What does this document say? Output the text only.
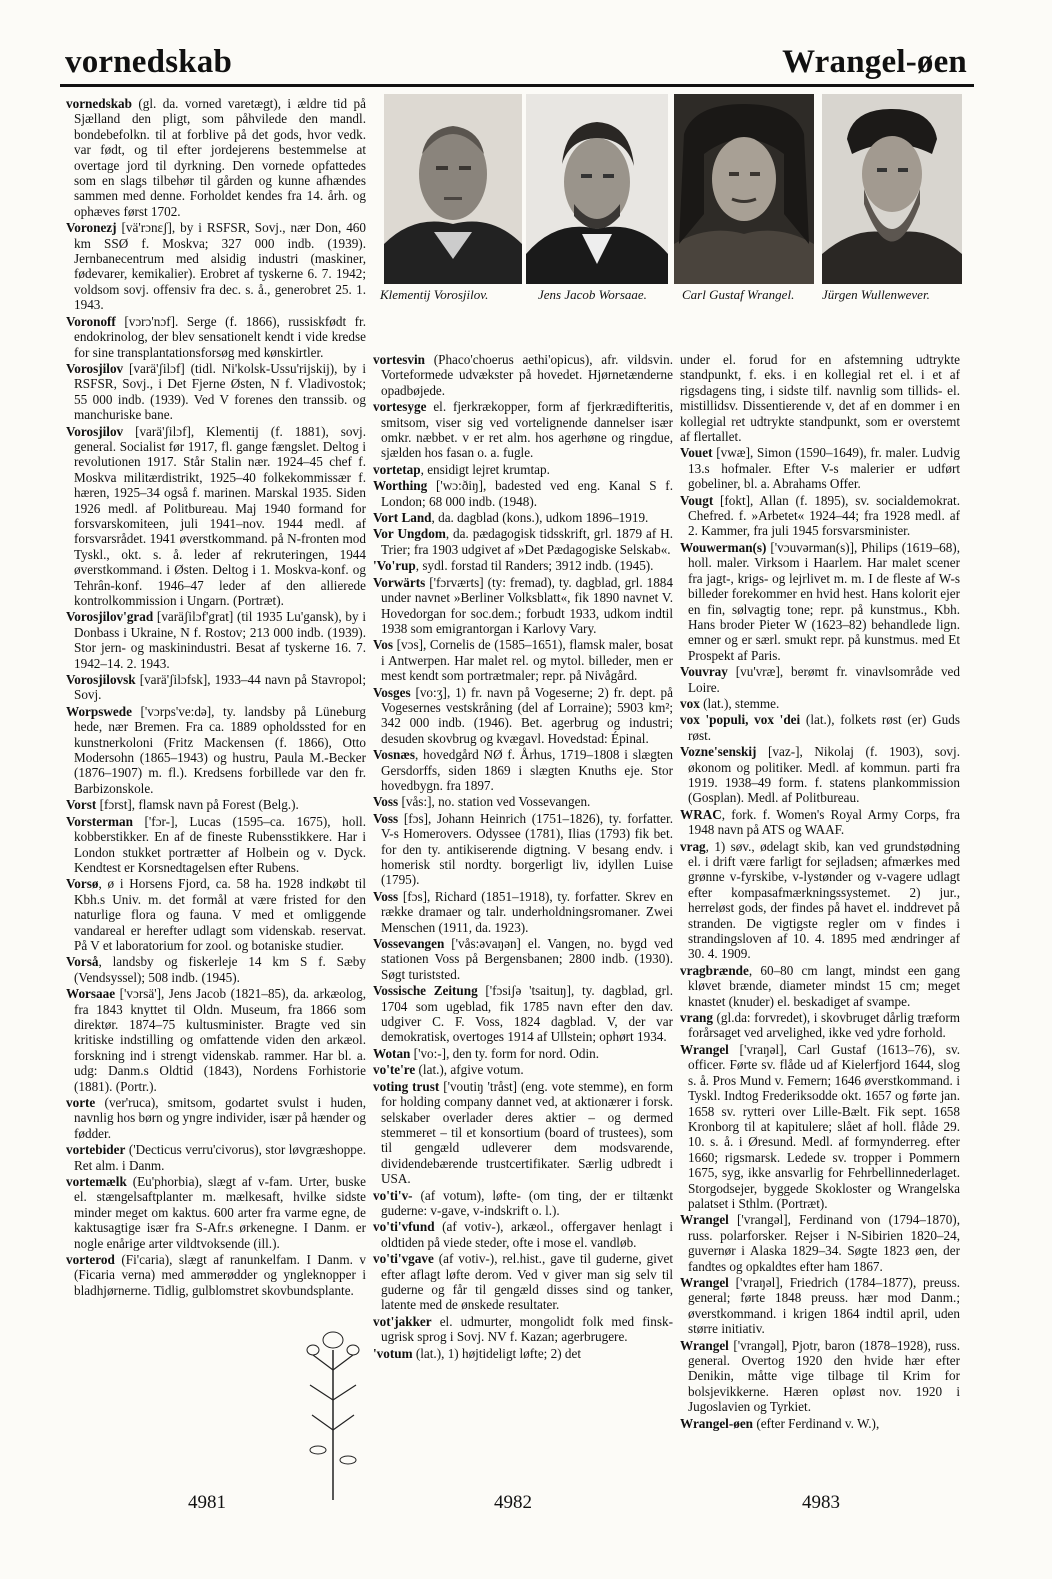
vornedskab	Wrangel-øen
vornedskab (gl. da. vorned varetægt), i ældre tid på Sjælland den pligt, som påhvilede den mandl. bondebefolkn. til at forblive på det gods, hvor vedk. var født, og til efter jordejerens bestemmelse at overtage jord til dyrkning. Den vornede opfattedes som en slags tilbehør til gården og kunne afhændes sammen med denne. Forholdet kendes fra 14. årh. og ophæves først 1702.
Voronezj [vä'rɔnɛʃ], by i RSFSR, Sovj., nær Don, 460 km SSØ f. Moskva; 327 000 indb. (1939). Jernbanecentrum med alsidig industri (maskiner, fødevarer, kemikalier). Erobret af tyskerne 6. 7. 1942; voldsom sovj. offensiv fra dec. s. å., generobret 25. 1. 1943.
Voronoff [vɔrɔ'nɔf]. Serge (f. 1866), russiskfødt fr. endokrinolog, der blev sensationelt kendt i vide kredse for sine transplantationsforsøg med kønskirtler.
Vorosjilov [varä'ʃilɔf] (tidl. Ni'kolsk-Ussu'rijskij), by i RSFSR, Sovj., i Det Fjerne Østen, N f. Vladivostok; 55 000 indb. (1939). Ved V forenes den transsib. og manchuriske bane.
Vorosjilov [varä'ʃilɔf], Klementij (f. 1881), sovj. general. Socialist før 1917, fl. gange fængslet. Deltog i revolutionen 1917. Står Stalin nær. 1924–45 chef f. Moskva militærdistrikt, 1925–40 folkekommissær f. hæren, 1925–34 også f. marinen. Marskal 1935. Siden 1926 medl. af Politbureau. Maj 1940 formand for forsvarskomiteen, juli 1941–nov. 1944 medl. af forsvarsrådet. 1941 øverstkommand. på N-fronten mod Tyskl., okt. s. å. leder af rekruteringen, 1944 øverstkommand. i Østen. Deltog i 1. Moskva-konf. og Tehrân-konf. 1946–47 leder af den allierede kontrolkommission i Ungarn. (Portræt).
Vorosjilov'grad [varäʃilɔf'grat] (til 1935 Lu'gansk), by i Donbass i Ukraine, N f. Rostov; 213 000 indb. (1939). Stor jern- og maskinindustri. Besat af tyskerne 16. 7. 1942–14. 2. 1943.
Vorosjilovsk [varä'ʃilɔfsk], 1933–44 navn på Stavropol; Sovj.
Worpswede ['vɔrps've:də], ty. landsby på Lüneburg hede, nær Bremen. Fra ca. 1889 opholdssted for en kunstnerkoloni (Fritz Mackensen (f. 1866), Otto Modersohn (1865–1943) og hustru, Paula M.-Becker (1876–1907) m. fl.). Kredsens forbillede var den fr. Barbizonskole.
Vorst [fɔrst], flamsk navn på Forest (Belg.).
Vorsterman ['fɔr-], Lucas (1595–ca. 1675), holl. kobberstikker. En af de fineste Rubensstikkere. Har i London stukket portrætter af Holbein og v. Dyck. Kendtest er Korsnedtagelsen efter Rubens.
Vorsø, ø i Horsens Fjord, ca. 58 ha. 1928 indkøbt til Kbh.s Univ. m. det formål at være fristed for den naturlige flora og fauna. V med et omliggende vandareal er herefter udlagt som videnskab. reservat. På V et laboratorium for zool. og botaniske studier.
Vorså, landsby og fiskerleje 14 km S f. Sæby (Vendsyssel); 508 indb. (1945).
Worsaae ['vɔrsä'], Jens Jacob (1821–85), da. arkæolog, fra 1843 knyttet til Oldn. Museum, fra 1866 som direktør. 1874–75 kultusminister. Bragte ved sin kritiske indstilling og omfattende viden den arkæol. forskning ind i strengt videnskab. rammer. Har bl. a. udg: Danm.s Oldtid (1843), Nordens Forhistorie (1881). (Portr.).
vorte (ver'ruca), smitsom, godartet svulst i huden, navnlig hos børn og yngre individer, især på hænder og fødder.
vortebider ('Decticus verru'civorus), stor løvgræshoppe. Ret alm. i Danm.
vortemælk (Eu'phorbia), slægt af v-fam. Urter, buske el. stængelsaftplanter m. mælkesaft, hvilke sidste minder meget om kaktus. 600 arter fra varme egne, de kaktusagtige især fra S-Afr.s ørkenegne. I Danm. er nogle enårige arter vildtvoksende (ill.).
vorterod (Fi'caria), slægt af ranunkelfam. I Danm. v (Ficaria verna) med ammerødder og yngleknopper i bladhjørnerne. Tidlig, gulblomstret skovbundsplante.
Klementij Vorosjilov.	Jens Jacob Worsaae.	Carl Gustaf Wrangel. Jürgen Wullenwever.
vortesvin (Phaco'choerus aethi'opicus), afr. vildsvin. Vorteformede udvækster på hovedet. Hjørnetænderne opadbøjede.
vortesyge el. fjerkrækopper, form af fjerkrædifteritis, smitsom, viser sig ved vortelignende dannelser især omkr. næbbet. v er ret alm. hos agerhøne og ringdue, sjælden hos fasan o. a. fugle.
vortetap, ensidigt lejret krumtap.
Worthing ['wɔ:ðiŋ], badested ved eng. Kanal S f. London; 68 000 indb. (1948).
Vort Land, da. dagblad (kons.), udkom 1896–1919.
Vor Ungdom, da. pædagogisk tidsskrift, grl. 1879 af H. Trier; fra 1903 udgivet af »Det Pædagogiske Selskab«.
'Vo'rup, sydl. forstad til Randers; 3912 indb. (1945).
Vorwärts ['fɔrværts] (ty: fremad), ty. dagblad, grl. 1884 under navnet »Berliner Volksblatt«, fik 1890 navnet V. Hovedorgan for soc.dem.; forbudt 1933, udkom indtil 1938 som emigrantorgan i Karlovy Vary.
Vos [vɔs], Cornelis de (1585–1651), flamsk maler, bosat i Antwerpen. Har malet rel. og mytol. billeder, men er mest kendt som portrætmaler; repr. på Nivågård.
Vosges [vo:ʒ], 1) fr. navn på Vogeserne; 2) fr. dept. på Vogesernes vestskråning (del af Lorraine); 5903 km²; 342 000 indb. (1946). Bet. agerbrug og industri; desuden skovbrug og kvægavl. Hovedstad: Épinal.
Vosnæs, hovedgård NØ f. Århus, 1719–1808 i slægten Gersdorffs, siden 1869 i slægten Knuths eje. Stor hovedbygn. fra 1897.
Voss [vås:], no. station ved Vossevangen.
Voss [fɔs], Johann Heinrich (1751–1826), ty. forfatter. V-s Homerovers. Odyssee (1781), Ilias (1793) fik bet. for den ty. antikiserende digtning. V besang endv. i homerisk stil nordty. borgerligt liv, idyllen Luise (1795).
Voss [fɔs], Richard (1851–1918), ty. forfatter. Skrev en række dramaer og talr. underholdningsromaner. Zwei Menschen (1911, da. 1923).
Vossevangen ['vås:əvaŋən] el. Vangen, no. bygd ved stationen Voss på Bergensbanen; 2800 indb. (1930). Søgt turiststed.
Vossische Zeitung ['fɔsiʃə 'tsaituŋ], ty. dagblad, grl. 1704 som ugeblad, fik 1785 navn efter den dav. udgiver C. F. Voss, 1824 dagblad. V, der var demokratisk, overtoges 1914 af Ullstein; ophørt 1934.
Wotan ['vo:-], den ty. form for nord. Odin.
vo'te're (lat.), afgive votum.
voting trust ['voutiŋ 'tråst] (eng. vote stemme), en form for holding company dannet ved, at aktionærer i forsk. selskaber overlader deres aktier – og dermed stemmeret – til et konsortium (board of trustees), som til gengæld udleverer dem modsvarende, dividendebærende trustcertifikater. Særlig udbredt i USA.
vo'ti'v- (af votum), løfte- (om ting, der er tiltænkt guderne: v-gave, v-indskrift o. l.).
vo'ti'vfund (af votiv-), arkæol., offergaver henlagt i oldtiden på viede steder, ofte i mose el. vandløb.
vo'ti'vgave (af votiv-), rel.hist., gave til guderne, givet efter aflagt løfte derom. Ved v giver man sig selv til guderne og får til gengæld disses sind og tanker, latente med de ønskede resultater.
vot'jakker el. udmurter, mongolidt folk med finsk-ugrisk sprog i Sovj. NV f. Kazan; agerbrugere.
'votum (lat.), 1) højtideligt løfte; 2) det
under el. forud for en afstemning udtrykte standpunkt, f. eks. i en kollegial ret el. i et af rigsdagens ting, i sidste tilf. navnlig som tillids- el. mistillidsv. Dissentierende v, det af en dommer i en kollegial ret udtrykte standpunkt, som er overstemt af flertallet.
Vouet [vwæ], Simon (1590–1649), fr. maler. Ludvig 13.s hofmaler. Efter V-s malerier er udført gobeliner, bl. a. Abrahams Offer.
Vougt [fokt], Allan (f. 1895), sv. socialdemokrat. Chefred. f. »Arbetet« 1924–44; fra 1928 medl. af 2. Kammer, fra juli 1945 forsvarsminister.
Wouwerman(s) ['vɔuvərman(s)], Philips (1619–68), holl. maler. Virksom i Haarlem. Har malet scener fra jagt-, krigs- og lejrlivet m. m. I de fleste af W-s billeder forekommer en hvid hest. Hans kolorit ejer en fin, sølvagtig tone; repr. på kunstmus., Kbh. Hans broder Pieter W (1623–82) behandlede lign. emner og er særl. smukt repr. på kunstmus. med Et Prospekt af Paris.
Vouvray [vu'vræ], berømt fr. vinavlsområde ved Loire.
vox (lat.), stemme.
vox 'populi, vox 'dei (lat.), folkets røst (er) Guds røst.
Vozne'senskij [vaz-], Nikolaj (f. 1903), sovj. økonom og politiker. Medl. af kommun. parti fra 1919. 1938–49 form. f. statens plankommission (Gosplan). Medl. af Politbureau.
WRAC, fork. f. Women's Royal Army Corps, fra 1948 navn på ATS og WAAF.
vrag, 1) søv., ødelagt skib, kan ved grundstødning el. i drift være farligt for sejladsen; afmærkes med grønne v-fyrskibe, v-lystønder og v-vagere udlagt efter kompasafmærkningssystemet. 2) jur., herreløst gods, der findes på havet el. inddrevet på stranden. De vigtigste regler om v findes i strandingsloven af 10. 4. 1895 med ændringer af 30. 4. 1909.
vragbrænde, 60–80 cm langt, mindst een gang kløvet brænde, diameter mindst 15 cm; meget knastet (knuder) el. beskadiget af svampe.
vrang (gl.da: forvredet), i skovbruget dårlig træform forårsaget ved arvelighed, ikke ved ydre forhold.
Wrangel ['vraŋəl], Carl Gustaf (1613–76), sv. officer. Førte sv. flåde ud af Kielerfjord 1644, slog s. å. Pros Mund v. Femern; 1646 øverstkommand. i Tyskl. Indtog Frederiksodde okt. 1657 og førte jan. 1658 sv. rytteri over Lille-Bælt. Fik sept. 1658 Kronborg til at kapitulere; slået af holl. flåde 29. 10. s. å. i Øresund. Medl. af formynderreg. efter 1660; rigsmarsk. Ledede sv. tropper i Pommern 1675, syg, ikke ansvarlig for Fehrbellinnederlaget. Storgodsejer, byggede Skokloster og Wrangelska palatset i Sthlm. (Portræt).
Wrangel ['vrangəl], Ferdinand von (1794–1870), russ. polarforsker. Rejser i N-Sibirien 1820–24, guvernør i Alaska 1829–34. Søgte 1823 øen, der fandtes og opkaldtes efter ham 1867.
Wrangel ['vraŋəl], Friedrich (1784–1877), preuss. general; førte 1848 preuss. hær mod Danm.; øverstkommand. i krigen 1864 indtil april, uden større initiativ.
Wrangel ['vrangəl], Pjotr, baron (1878–1928), russ. general. Overtog 1920 den hvide hær efter Denikin, måtte vige tilbage til Krim for bolsjevikkerne. Hæren opløst nov. 1920 i Jugoslavien og Tyrkiet.
Wrangel-øen (efter Ferdinand v. W.),
4981	4982	4983
